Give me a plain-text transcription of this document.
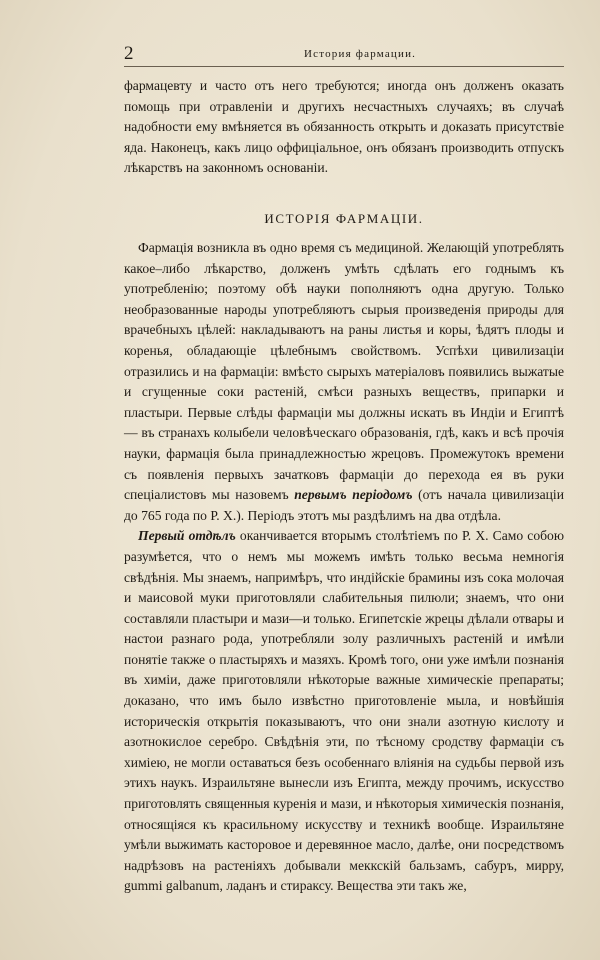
2	История фармации.

фармацевту и часто отъ него требуются; иногда онъ долженъ оказать помощь при отравленіи и другихъ несчастныхъ случаяхъ; въ случаѣ надобности ему вмѣняется въ обязанность открыть и доказать присутствіе яда. Наконецъ, какъ лицо оффиціальное, онъ обязанъ производить отпускъ лѣкарствъ на законномъ основаніи.

ИСТОРІЯ ФАРМАЦІИ.

Фармація возникла въ одно время съ медициной. Желающій употреблять какое–либо лѣкарство, долженъ умѣть сдѣлать его годнымъ къ употребленію; поэтому обѣ науки пополняютъ одна другую. Только необразованные народы употребляютъ сырыя произведенія природы для врачебныхъ цѣлей: накладываютъ на раны листья и коры, ѣдятъ плоды и коренья, обладающіе цѣлебнымъ свойствомъ. Успѣхи цивилизаціи отразились и на фармаціи: вмѣсто сырыхъ матеріаловъ появились выжатые и сгущенные соки растеній, смѣси разныхъ веществъ, припарки и пластыри. Первые слѣды фармаціи мы должны искать въ Индіи и Египтѣ — въ странахъ колыбели человѣческаго образованія, гдѣ, какъ и всѣ прочія науки, фармація была принадлежностью жрецовъ. Промежутокъ времени съ появленія первыхъ зачатковъ фармаціи до перехода ея въ руки спеціалистовъ мы назовемъ первымъ періодомъ (отъ начала цивилизаціи до 765 года по Р. Х.). Періодъ этотъ мы раздѣлимъ на два отдѣла.

Первый отдѣлъ оканчивается вторымъ столѣтіемъ по Р. Х. Само собою разумѣется, что о немъ мы можемъ имѣть только весьма немногія свѣдѣнія. Мы знаемъ, напримѣръ, что индійскіе брамины изъ сока молочая и маисовой муки приготовляли слабительныя пилюли; знаемъ, что они составляли пластыри и мази—и только. Египетскіе жрецы дѣлали отвары и настои разнаго рода, употребляли золу различныхъ растеній и имѣли понятіе также о пластыряхъ и мазяхъ. Кромѣ того, они уже имѣли познанія въ химіи, даже приготовляли нѣкоторые важные химическіе препараты; доказано, что имъ было извѣстно приготовленіе мыла, и новѣйшія историческія открытія показываютъ, что они знали азотную кислоту и азотнокислое серебро. Свѣдѣнія эти, по тѣсному сродству фармаціи съ химіею, не могли оставаться безъ особеннаго вліянія на судьбы первой изъ этихъ наукъ. Израильтяне вынесли изъ Египта, между прочимъ, искусство приготовлять священныя куренія и мази, и нѣкоторыя химическія познанія, относящіяся къ красильному искусству и техникѣ вообще. Израильтяне умѣли выжимать касторовое и деревянное масло, далѣе, они посредствомъ надрѣзовъ на растеніяхъ добывали меккскій бальзамъ, сабуръ, мирру, gummi galbanum, ладанъ и стираксу. Вещества эти такъ же,
